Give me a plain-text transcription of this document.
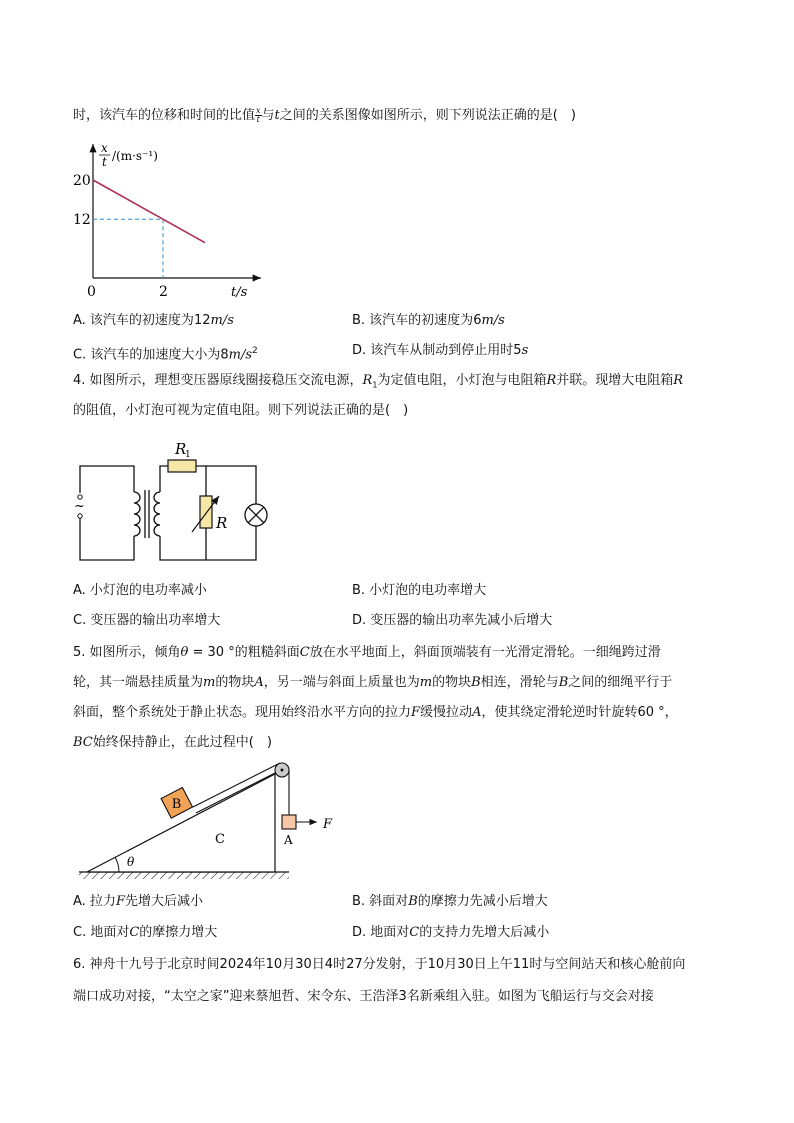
时，该汽车的位移和时间的比值 $\frac{x}{t}$ 与t之间的关系图像如图所示，则下列说法正确的是(　)
x
t /(m·s⁻¹)
20
12
0	2	t/s
A. 该汽车的初速度为12m/s	B. 该汽车的初速度为6m/s
C. 该汽车的加速度大小为$8m/s^2$	D. 该汽车从制动到停止用时5s
4. 如图所示，理想变压器原线圈接稳压交流电源，$R_1$为定值电阻，小灯泡与电阻箱R并联。现增大电阻箱R
的阻值，小灯泡可视为定值电阻。则下列说法正确的是(　)
~
R
1
R
A. 小灯泡的电功率减小	B. 小灯泡的电功率增大
C. 变压器的输出功率增大	D. 变压器的输出功率先减小后增大
5. 如图所示，倾角θ = 30 °的粗糙斜面C放在水平地面上，斜面顶端装有一光滑定滑轮。一细绳跨过滑
轮，其一端悬挂质量为m的物块A，另一端与斜面上质量也为m的物块B相连，滑轮与B之间的细绳平行于
斜面，整个系统处于静止状态。现用始终沿水平方向的拉力F缓慢拉动A，使其绕定滑轮逆时针旋转60 °，
BC始终保持静止，在此过程中(　)
θ
B
A
F
C
A. 拉力F先增大后减小	B. 斜面对B的摩擦力先减小后增大
C. 地面对C的摩擦力增大	D. 地面对C的支持力先增大后减小
6. 神舟十九号于北京时间2024年10月30日4时27分发射，于10月30日上午11时与空间站天和核心舱前向
端口成功对接，“太空之家”迎来蔡旭哲、宋令东、王浩泽3名新乘组入驻。如图为飞船运行与交会对接
